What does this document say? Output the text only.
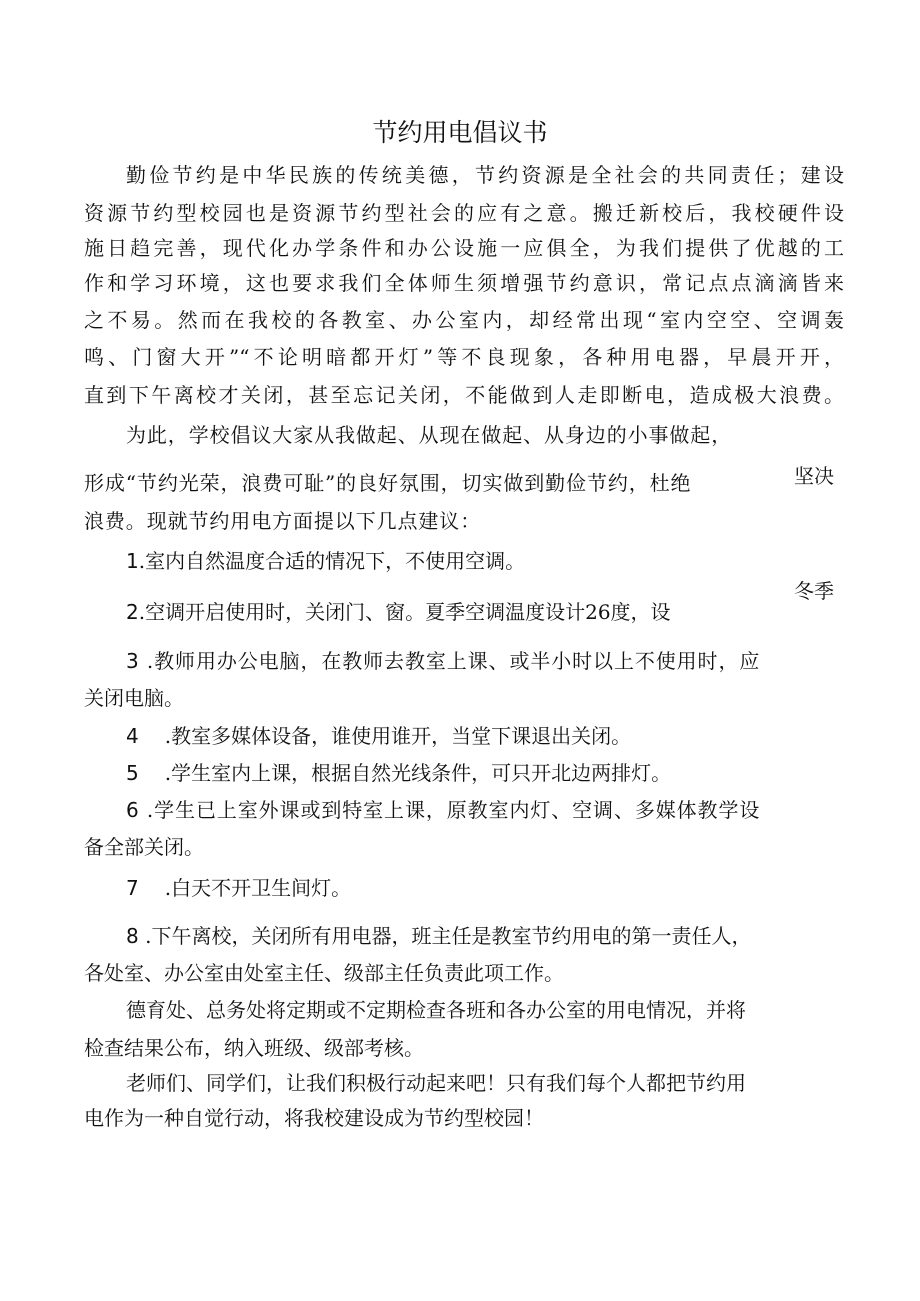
节约用电倡议书
勤俭节约是中华民族的传统美德，节约资源是全社会的共同责任；建设
资源节约型校园也是资源节约型社会的应有之意。搬迁新校后，我校硬件设
施日趋完善，现代化办学条件和办公设施一应俱全，为我们提供了优越的工
作和学习环境，这也要求我们全体师生须增强节约意识，常记点点滴滴皆来
之不易。然而在我校的各教室、办公室内，却经常出现“室内空空、空调轰
鸣、门窗大开”“不论明暗都开灯”等不良现象，各种用电器，早晨开开，
直到下午离校才关闭，甚至忘记关闭，不能做到人走即断电，造成极大浪费。
为此，学校倡议大家从我做起、从现在做起、从身边的小事做起，
形成“节约光荣，浪费可耻”的良好氛围，切实做到勤俭节约，杜绝	坚决
浪费。现就节约用电方面提以下几点建议：
1.室内自然温度合适的情况下，不使用空调。
2.空调开启使用时，关闭门、窗。夏季空调温度设计26度，设
冬季
3 .教师用办公电脑，在教师去教室上课、或半小时以上不使用时，应
关闭电脑。
4 .教室多媒体设备，谁使用谁开，当堂下课退出关闭。
5 .学生室内上课，根据自然光线条件，可只开北边两排灯。
6 .学生已上室外课或到特室上课，原教室内灯、空调、多媒体教学设
备全部关闭。
7 .白天不开卫生间灯。
8 .下午离校，关闭所有用电器，班主任是教室节约用电的第一责任人，
各处室、办公室由处室主任、级部主任负责此项工作。
德育处、总务处将定期或不定期检查各班和各办公室的用电情况，并将
检查结果公布，纳入班级、级部考核。
老师们、同学们，让我们积极行动起来吧！只有我们每个人都把节约用
电作为一种自觉行动，将我校建设成为节约型校园！
